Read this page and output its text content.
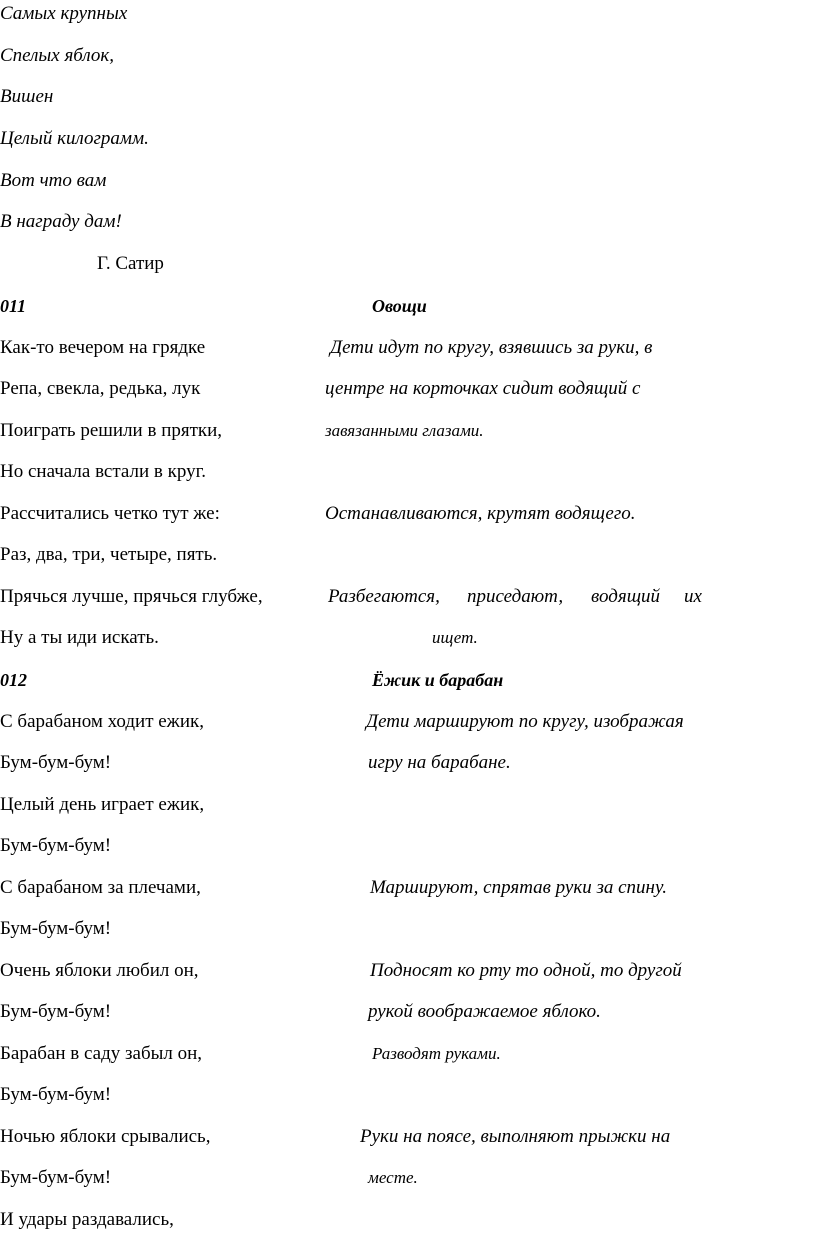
Самых крупных
Спелых яблок,
Вишен
Целый килограмм.
Вот что вам
В награду дам!
Г. Сатир
011	Овощи
Как-то вечером на грядке
Репа, свекла, редька, лук
Поиграть решили в прятки,
Но сначала встали в круг.
Рассчитались четко тут же:
Раз, два, три, четыре, пять.
Прячься лучше, прячься глубже,
Ну а ты иди искать.
Дети идут по кругу, взявшись за руки, в
центре на корточках сидит водящий с
завязанными глазами.
Останавливаются, крутят водящего.
Разбегаются, приседают, водящий их
ищет.
012	Ёжик и барабан
С барабаном ходит ежик,
Бум-бум-бум!
Целый день играет ежик,
Бум-бум-бум!
С барабаном за плечами,
Бум-бум-бум!
Очень яблоки любил он,
Бум-бум-бум!
Барабан в саду забыл он,
Бум-бум-бум!
Ночью яблоки срывались,
Бум-бум-бум!
И удары раздавались,
Дети маршируют по кругу, изображая
игру на барабане.
Маршируют, спрятав руки за спину.
Подносят ко рту то одной, то другой
рукой воображаемое яблоко.
Разводят руками.
Руки на поясе, выполняют прыжки на
месте.
